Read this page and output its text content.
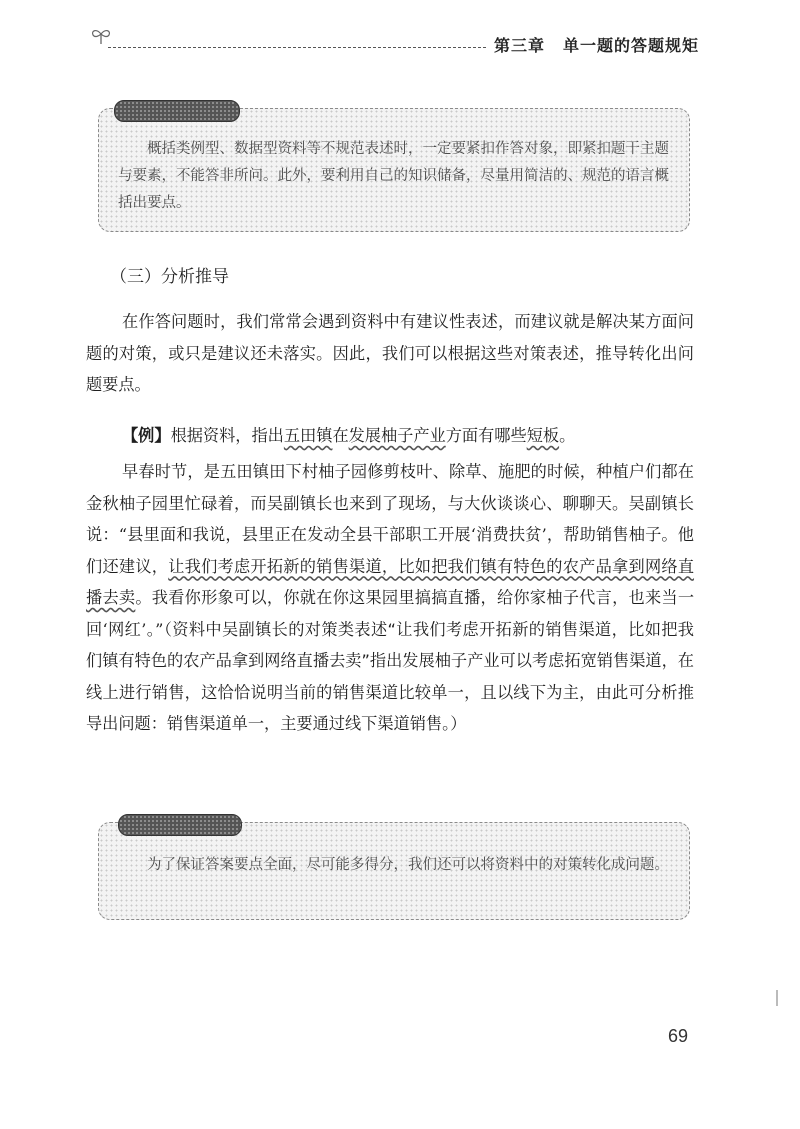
第三章 单一题的答题规矩

概括类例型、数据型资料等不规范表述时，一定要紧扣作答对象，即紧扣题干主题与要素，不能答非所问。此外，要利用自己的知识储备，尽量用简洁的、规范的语言概括出要点。

（三）分析推导

在作答问题时，我们常常会遇到资料中有建议性表述，而建议就是解决某方面问题的对策，或只是建议还未落实。因此，我们可以根据这些对策表述，推导转化出问题要点。

【例】根据资料，指出五田镇在发展柚子产业方面有哪些短板。

早春时节，是五田镇田下村柚子园修剪枝叶、除草、施肥的时候，种植户们都在金秋柚子园里忙碌着，而吴副镇长也来到了现场，与大伙谈谈心、聊聊天。吴副镇长说：“县里面和我说，县里正在发动全县干部职工开展‘消费扶贫’，帮助销售柚子。他们还建议，让我们考虑开拓新的销售渠道，比如把我们镇有特色的农产品拿到网络直播去卖。我看你形象可以，你就在你这果园里搞搞直播，给你家柚子代言，也来当一回‘网红’。”（资料中吴副镇长的对策类表述“让我们考虑开拓新的销售渠道，比如把我们镇有特色的农产品拿到网络直播去卖”指出发展柚子产业可以考虑拓宽销售渠道，在线上进行销售，这恰恰说明当前的销售渠道比较单一，且以线下为主，由此可分析推导出问题：销售渠道单一，主要通过线下渠道销售。）

为了保证答案要点全面，尽可能多得分，我们还可以将资料中的对策转化成问题。

69
